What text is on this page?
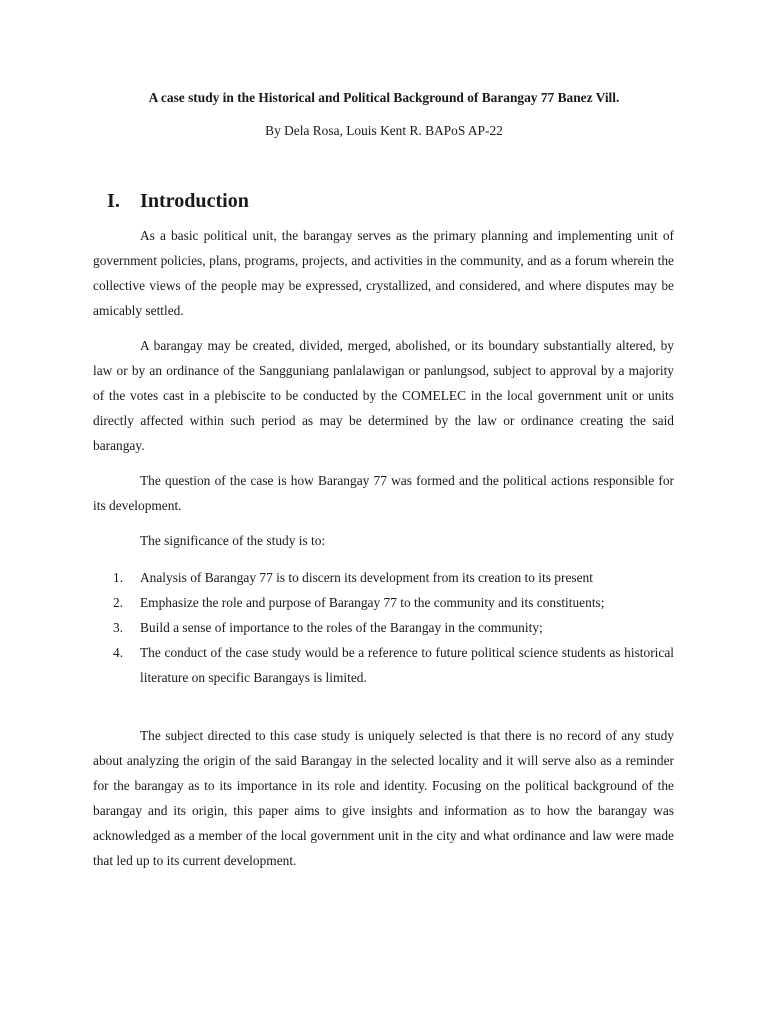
A case study in the Historical and Political Background of Barangay 77 Banez Vill.

By Dela Rosa, Louis Kent R. BAPoS AP-22

I. Introduction

As a basic political unit, the barangay serves as the primary planning and implementing unit of government policies, plans, programs, projects, and activities in the community, and as a forum wherein the collective views of the people may be expressed, crystallized, and considered, and where disputes may be amicably settled.

A barangay may be created, divided, merged, abolished, or its boundary substantially altered, by law or by an ordinance of the Sangguniang panlalawigan or panlungsod, subject to approval by a majority of the votes cast in a plebiscite to be conducted by the COMELEC in the local government unit or units directly affected within such period as may be determined by the law or ordinance creating the said barangay.

The question of the case is how Barangay 77 was formed and the political actions responsible for its development.

The significance of the study is to:

1. Analysis of Barangay 77 is to discern its development from its creation to its present
2. Emphasize the role and purpose of Barangay 77 to the community and its constituents;
3. Build a sense of importance to the roles of the Barangay in the community;
4. The conduct of the case study would be a reference to future political science students as historical literature on specific Barangays is limited.

The subject directed to this case study is uniquely selected is that there is no record of any study about analyzing the origin of the said Barangay in the selected locality and it will serve also as a reminder for the barangay as to its importance in its role and identity. Focusing on the political background of the barangay and its origin, this paper aims to give insights and information as to how the barangay was acknowledged as a member of the local government unit in the city and what ordinance and law were made that led up to its current development.
